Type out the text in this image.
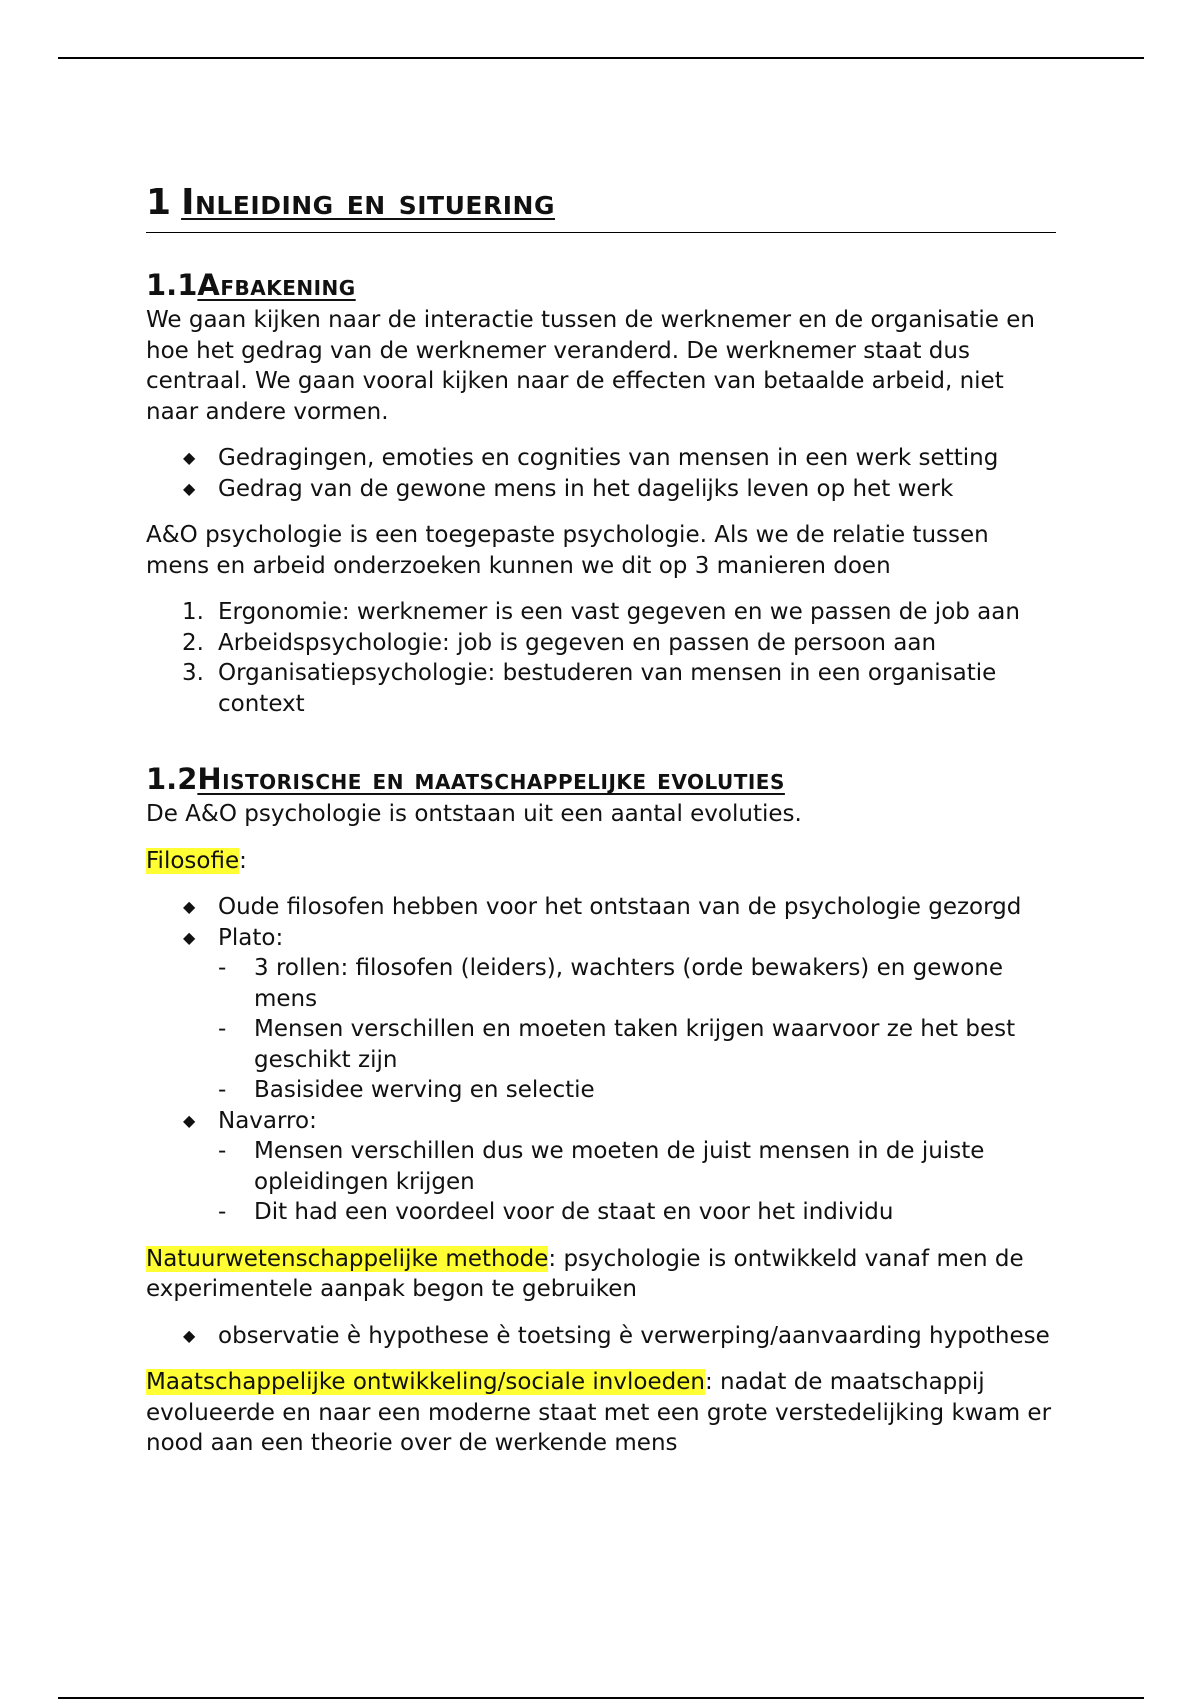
1 Inleiding en situering
1.1Afbakening

We gaan kijken naar de interactie tussen de werknemer en de organisatie en hoe het gedrag van de werknemer veranderd. De werknemer staat dus centraal. We gaan vooral kijken naar de effecten van betaalde arbeid, niet naar andere vormen.

◆ Gedragingen, emoties en cognities van mensen in een werk setting
◆ Gedrag van de gewone mens in het dagelijks leven op het werk

A&O psychologie is een toegepaste psychologie. Als we de relatie tussen mens en arbeid onderzoeken kunnen we dit op 3 manieren doen

1. Ergonomie: werknemer is een vast gegeven en we passen de job aan
2. Arbeidspsychologie: job is gegeven en passen de persoon aan
3. Organisatiepsychologie: bestuderen van mensen in een organisatie context
1.2Historische en maatschappelijke evoluties

De A&O psychologie is ontstaan uit een aantal evoluties.

Filosofie:

◆ Oude filosofen hebben voor het ontstaan van de psychologie gezorgd
◆ Plato:
- 3 rollen: filosofen (leiders), wachters (orde bewakers) en gewone mens
- Mensen verschillen en moeten taken krijgen waarvoor ze het best geschikt zijn
- Basisidee werving en selectie
◆ Navarro:
- Mensen verschillen dus we moeten de juist mensen in de juiste opleidingen krijgen
- Dit had een voordeel voor de staat en voor het individu

Natuurwetenschappelijke methode: psychologie is ontwikkeld vanaf men de experimentele aanpak begon te gebruiken

◆ observatie è hypothese è toetsing è verwerping/aanvaarding hypothese

Maatschappelijke ontwikkeling/sociale invloeden: nadat de maatschappij evolueerde en naar een moderne staat met een grote verstedelijking kwam er nood aan een theorie over de werkende mens
